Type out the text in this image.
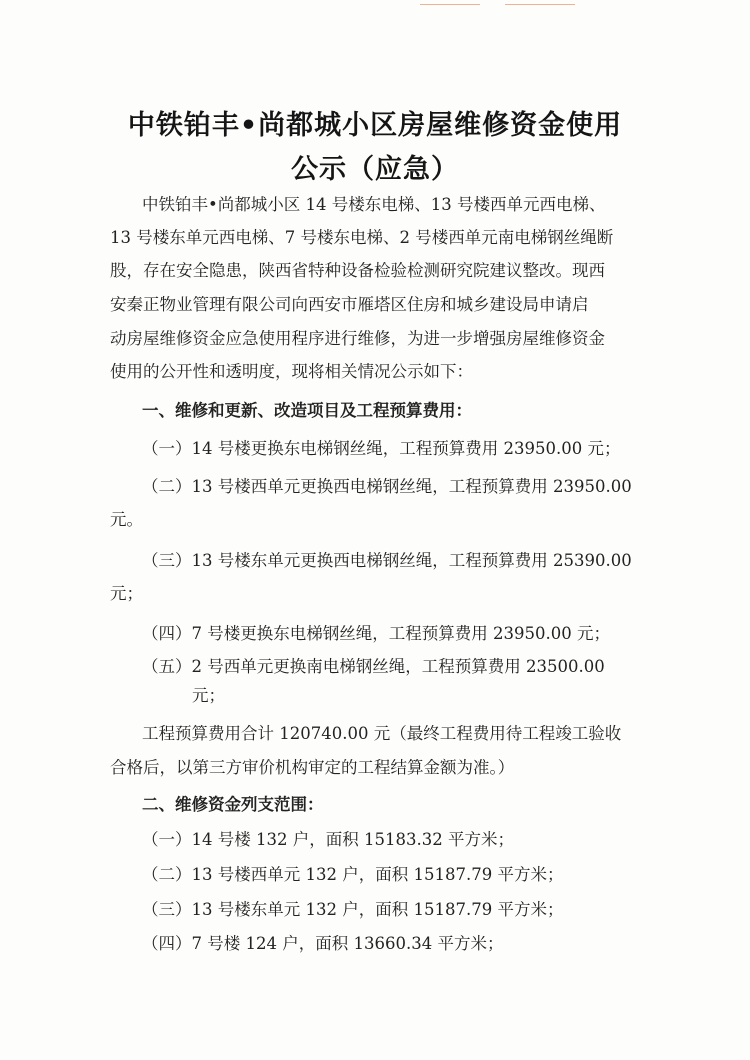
中铁铂丰•尚都城小区房屋维修资金使用
公示（应急）
中铁铂丰•尚都城小区 14 号楼东电梯、13 号楼西单元西电梯、
13 号楼东单元西电梯、7 号楼东电梯、2 号楼西单元南电梯钢丝绳断
股，存在安全隐患，陕西省特种设备检验检测研究院建议整改。现西
安秦正物业管理有限公司向西安市雁塔区住房和城乡建设局申请启
动房屋维修资金应急使用程序进行维修，为进一步增强房屋维修资金
使用的公开性和透明度，现将相关情况公示如下：
一、维修和更新、改造项目及工程预算费用：
（一）14 号楼更换东电梯钢丝绳，工程预算费用 23950.00 元；
（二）13 号楼西单元更换西电梯钢丝绳，工程预算费用 23950.00
元。
（三）13 号楼东单元更换西电梯钢丝绳，工程预算费用 25390.00
元；
（四）7 号楼更换东电梯钢丝绳，工程预算费用 23950.00 元；
（五）2 号西单元更换南电梯钢丝绳，工程预算费用 23500.00
元；
工程预算费用合计 120740.00 元（最终工程费用待工程竣工验收
合格后，以第三方审价机构审定的工程结算金额为准。）
二、维修资金列支范围：
（一）14 号楼 132 户，面积 15183.32 平方米；
（二）13 号楼西单元 132 户，面积 15187.79 平方米；
（三）13 号楼东单元 132 户，面积 15187.79 平方米；
（四）7 号楼 124 户，面积 13660.34 平方米；
